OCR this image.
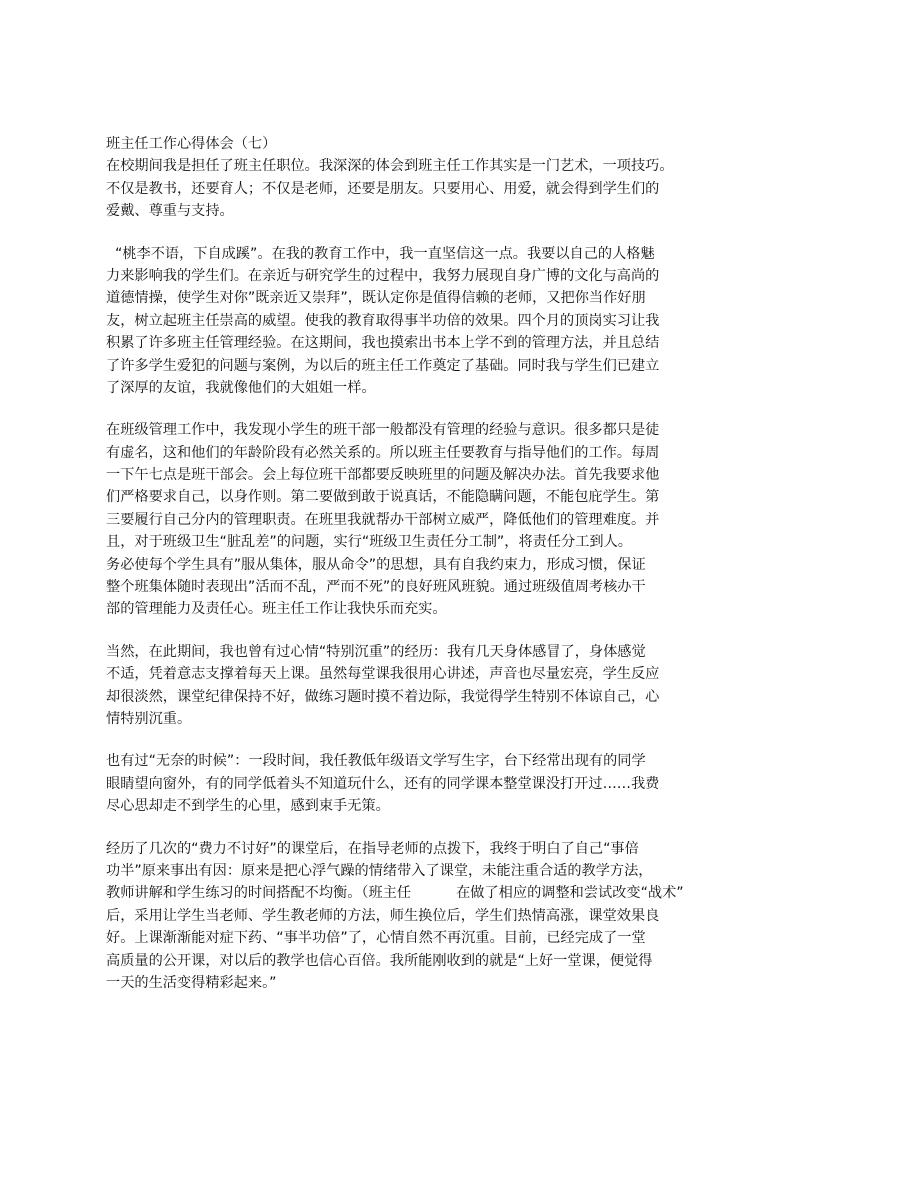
班主任工作心得体会（七）
在校期间我是担任了班主任职位。我深深的体会到班主任工作其实是一门艺术，一项技巧。
不仅是教书，还要育人；不仅是老师，还要是朋友。只要用心、用爱，就会得到学生们的
爱戴、尊重与支持。
“桃李不语，下自成蹊”。在我的教育工作中，我一直坚信这一点。我要以自己的人格魅
力来影响我的学生们。在亲近与研究学生的过程中，我努力展现自身广博的文化与高尚的
道德情操，使学生对你”既亲近又崇拜”，既认定你是值得信赖的老师，又把你当作好朋
友，树立起班主任崇高的威望。使我的教育取得事半功倍的效果。四个月的顶岗实习让我
积累了许多班主任管理经验。在这期间，我也摸索出书本上学不到的管理方法，并且总结
了许多学生爱犯的问题与案例，为以后的班主任工作奠定了基础。同时我与学生们已建立
了深厚的友谊，我就像他们的大姐姐一样。
在班级管理工作中，我发现小学生的班干部一般都没有管理的经验与意识。很多都只是徒
有虚名，这和他们的年龄阶段有必然关系的。所以班主任要教育与指导他们的工作。每周
一下午七点是班干部会。会上每位班干部都要反映班里的问题及解决办法。首先我要求他
们严格要求自己，以身作则。第二要做到敢于说真话，不能隐瞒问题，不能包庇学生。第
三要履行自己分内的管理职责。在班里我就帮办干部树立威严，降低他们的管理难度。并
且，对于班级卫生“脏乱差”的问题，实行“班级卫生责任分工制”，将责任分工到人。
务必使每个学生具有”服从集体，服从命令”的思想，具有自我约束力，形成习惯，保证
整个班集体随时表现出”活而不乱，严而不死”的良好班风班貌。通过班级值周考核办干
部的管理能力及责任心。班主任工作让我快乐而充实。
当然，在此期间，我也曾有过心情“特别沉重”的经历：我有几天身体感冒了，身体感觉
不适，凭着意志支撑着每天上课。虽然每堂课我很用心讲述，声音也尽量宏亮，学生反应
却很淡然，课堂纪律保持不好，做练习题时摸不着边际，我觉得学生特别不体谅自己，心
情特别沉重。
也有过“无奈的时候”：一段时间，我任教低年级语文学写生字，台下经常出现有的同学
眼睛望向窗外，有的同学低着头不知道玩什么，还有的同学课本整堂课没打开过……我费
尽心思却走不到学生的心里，感到束手无策。
经历了几次的“费力不讨好”的课堂后，在指导老师的点拨下，我终于明白了自己“事倍
功半”原来事出有因：原来是把心浮气躁的情绪带入了课堂，未能注重合适的教学方法，
教师讲解和学生练习的时间搭配不均衡。（班主任          在做了相应的调整和尝试改变“战术”
后，采用让学生当老师、学生教老师的方法，师生换位后，学生们热情高涨，课堂效果良
好。上课渐渐能对症下药、“事半功倍”了，心情自然不再沉重。目前，已经完成了一堂
高质量的公开课，对以后的教学也信心百倍。我所能刚收到的就是“上好一堂课，便觉得
一天的生活变得精彩起来。”
